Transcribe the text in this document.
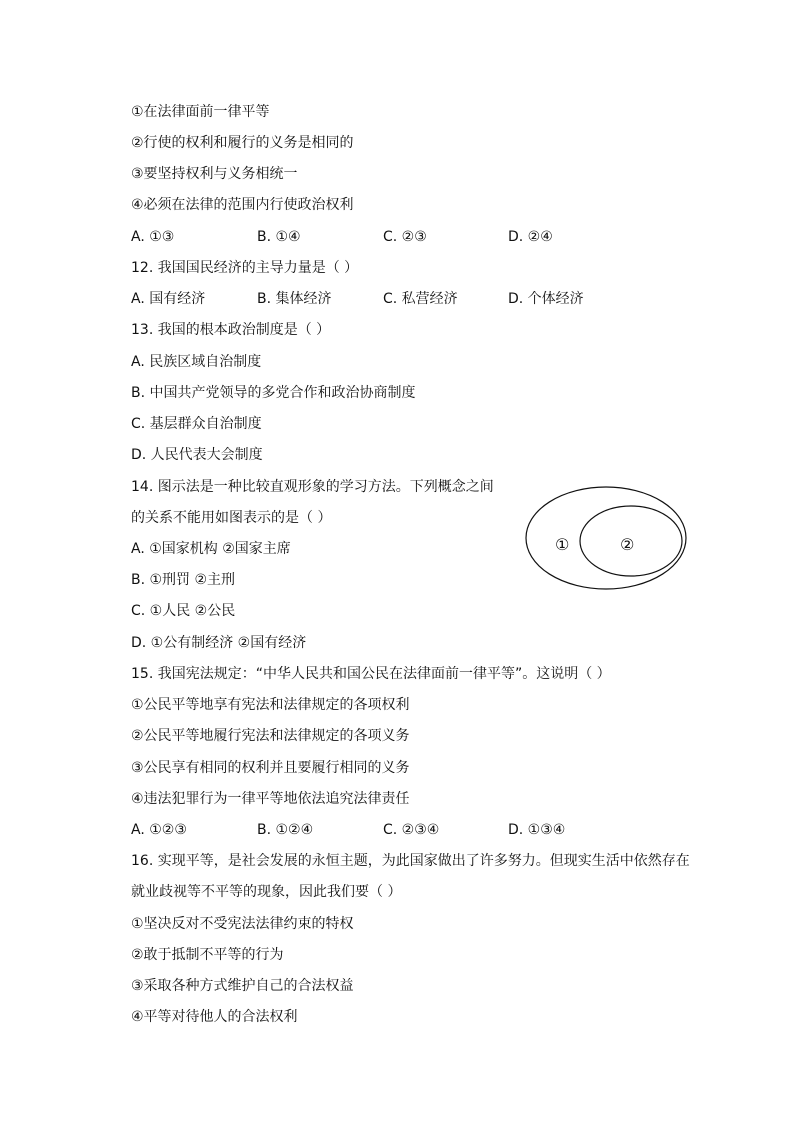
①在法律面前一律平等
②行使的权利和履行的义务是相同的
③要坚持权利与义务相统一
④必须在法律的范围内行使政治权利
A. ①③	B. ①④	C. ②③	D. ②④
12. 我国国民经济的主导力量是（ ）
A. 国有经济	B. 集体经济	C. 私营经济	D. 个体经济
13. 我国的根本政治制度是（ ）
A. 民族区域自治制度
B. 中国共产党领导的多党合作和政治协商制度
C. 基层群众自治制度
D. 人民代表大会制度
14. 图示法是一种比较直观形象的学习方法。下列概念之间
的关系不能用如图表示的是（ ）
A. ①国家机构 ②国家主席
B. ①刑罚 ②主刑
C. ①人民 ②公民
D. ①公有制经济 ②国有经济
①	②
15. 我国宪法规定：“中华人民共和国公民在法律面前一律平等”。这说明（ ）
①公民平等地享有宪法和法律规定的各项权利
②公民平等地履行宪法和法律规定的各项义务
③公民享有相同的权利并且要履行相同的义务
④违法犯罪行为一律平等地依法追究法律责任
A. ①②③	B. ①②④	C. ②③④	D. ①③④
16. 实现平等，是社会发展的永恒主题，为此国家做出了许多努力。但现实生活中依然存在
就业歧视等不平等的现象，因此我们要（ ）
①坚决反对不受宪法法律约束的特权
②敢于抵制不平等的行为
③采取各种方式维护自己的合法权益
④平等对待他人的合法权利
